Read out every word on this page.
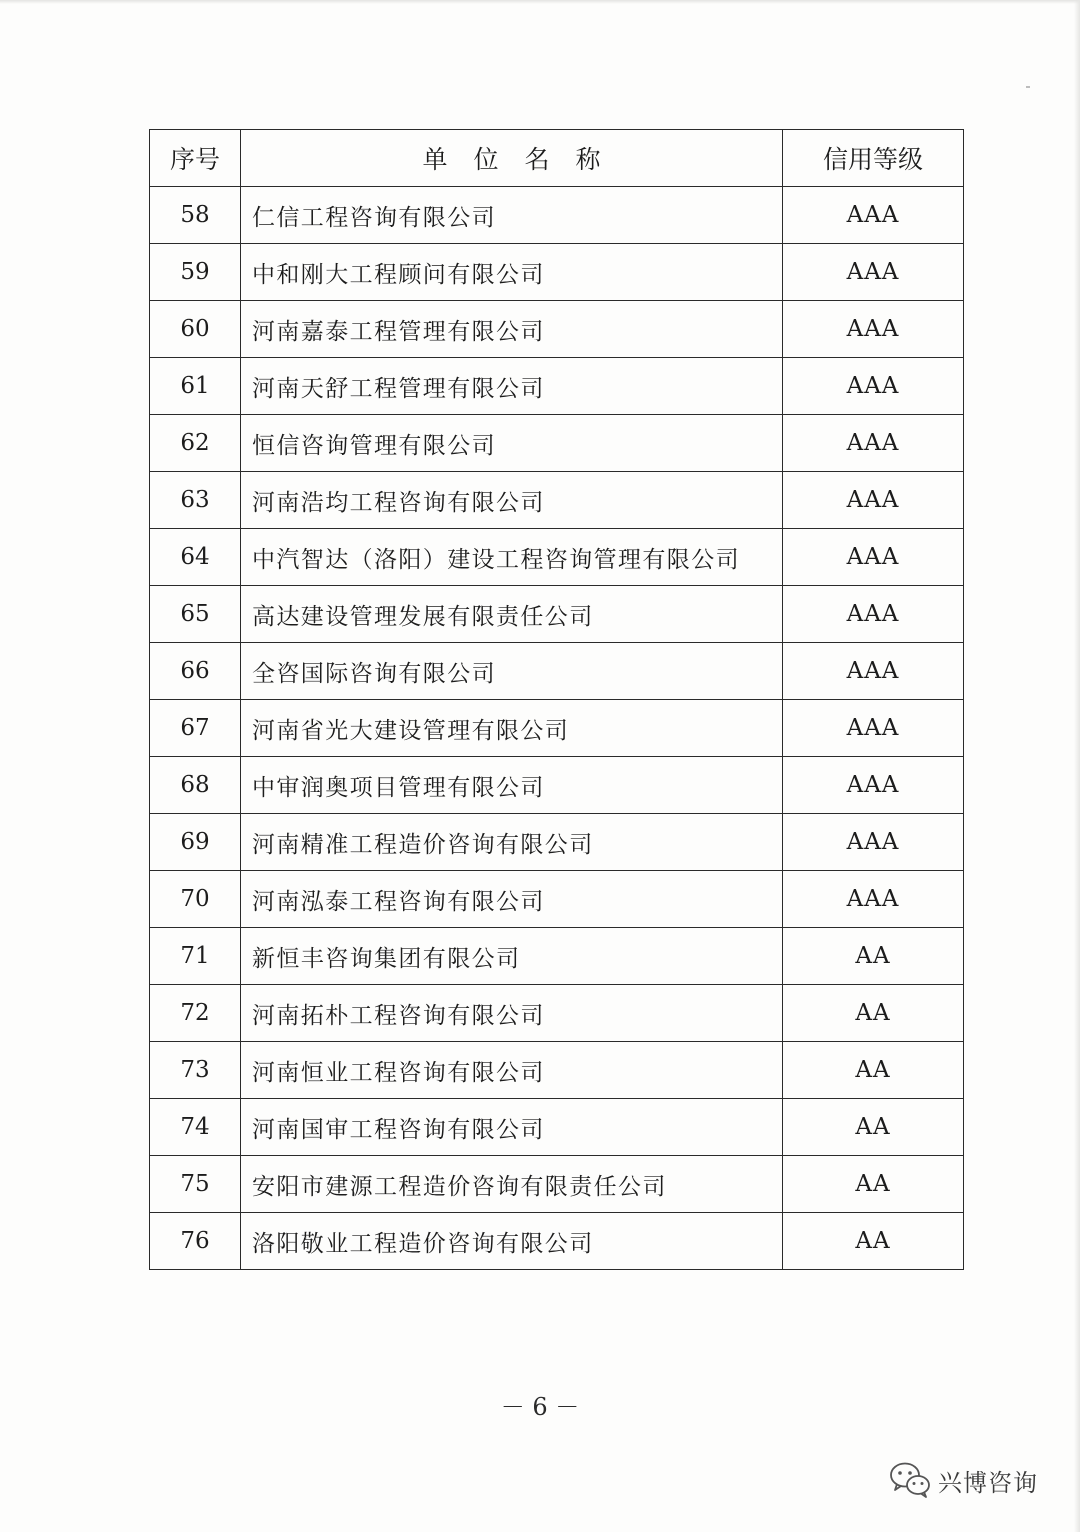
序号	单位名称	信用等级
58	仁信工程咨询有限公司	AAA
59	中和刚大工程顾问有限公司	AAA
60	河南嘉泰工程管理有限公司	AAA
61	河南天舒工程管理有限公司	AAA
62	恒信咨询管理有限公司	AAA
63	河南浩均工程咨询有限公司	AAA
64	中汽智达（洛阳）建设工程咨询管理有限公司	AAA
65	高达建设管理发展有限责任公司	AAA
66	全咨国际咨询有限公司	AAA
67	河南省光大建设管理有限公司	AAA
68	中审润奥项目管理有限公司	AAA
69	河南精准工程造价咨询有限公司	AAA
70	河南泓泰工程咨询有限公司	AAA
71	新恒丰咨询集团有限公司	AA
72	河南拓朴工程咨询有限公司	AA
73	河南恒业工程咨询有限公司	AA
74	河南国审工程咨询有限公司	AA
75	安阳市建源工程造价咨询有限责任公司	AA
76	洛阳敬业工程造价咨询有限公司	AA
－ 6 －
兴博咨询
